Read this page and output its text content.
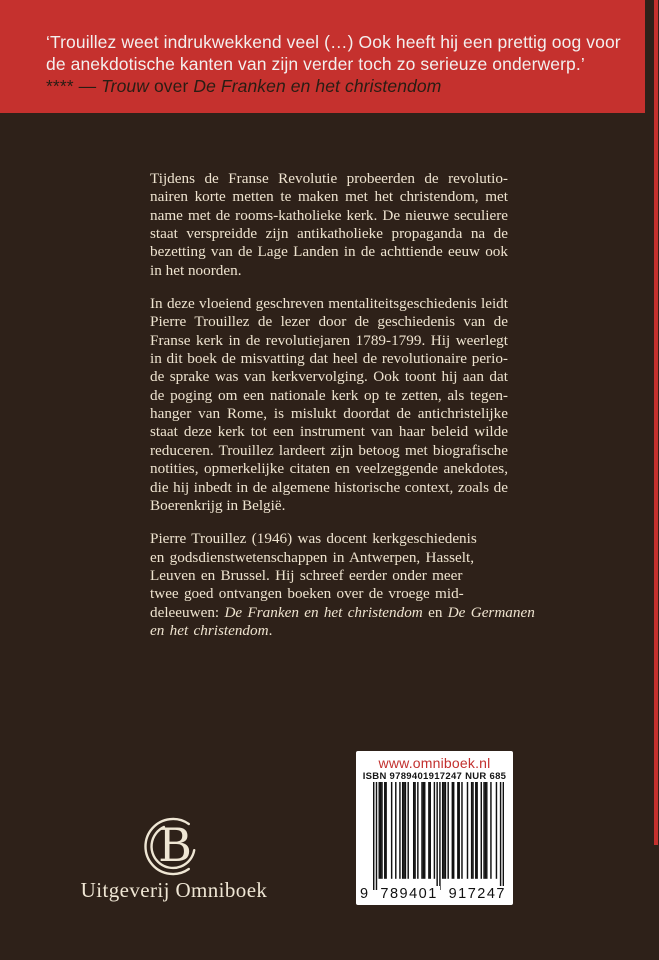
‘Trouillez weet indrukwekkend veel (…) Ook heeft hij een prettig oog voor
de anekdotische kanten van zijn verder toch zo serieuze onderwerp.’
**** — Trouw over De Franken en het christendom
Tijdens de Franse Revolutie probeerden de revolutio-
nairen korte metten te maken met het christendom, met
name met de rooms-katholieke kerk. De nieuwe seculiere
staat verspreidde zijn antikatholieke propaganda na de
bezetting van de Lage Landen in de achttiende eeuw ook
in het noorden.
In deze vloeiend geschreven mentaliteitsgeschiedenis leidt
Pierre Trouillez de lezer door de geschiedenis van de
Franse kerk in de revolutiejaren 1789-1799. Hij weerlegt
in dit boek de misvatting dat heel de revolutionaire perio-
de sprake was van kerkvervolging. Ook toont hij aan dat
de poging om een nationale kerk op te zetten, als tegen-
hanger van Rome, is mislukt doordat de antichristelijke
staat deze kerk tot een instrument van haar beleid wilde
reduceren. Trouillez lardeert zijn betoog met biografische
notities, opmerkelijke citaten en veelzeggende anekdotes,
die hij inbedt in de algemene historische context, zoals de
Boerenkrijg in België.
Pierre Trouillez (1946) was docent kerkgeschiedenis
en godsdienstwetenschappen in Antwerpen, Hasselt,
Leuven en Brussel. Hij schreef eerder onder meer
twee goed ontvangen boeken over de vroege mid-
deleeuwen: De Franken en het christendom en De Germanen
en het christendom.
B
Uitgeverij Omniboek
www.omniboek.nl
ISBN 9789401917247 NUR 685
9 789401 917247
